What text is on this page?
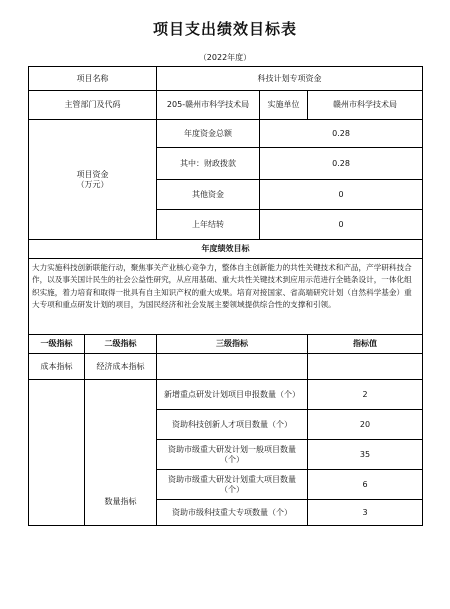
项目支出绩效目标表
（2022年度）
项目名称		科技计划专项资金		
主管部门及代码		205-赣州市科学技术局	实施单位	赣州市科学技术局
项目资金
（万元）		年度资金总额	0.28	
		其中：财政拨款	0.28	
		其他资金	0	
		上年结转	0	
年度绩效目标				
大力实施科技创新联能行动，聚焦事关产业核心竞争力，整体自主创新能力的共性关键技术和产品，产学研科技合作，以及事关国计民生的社会公益性研究，从应用基础、重大共性关键技术到应用示范进行全链条设计，一体化组织实施，着力培育和取得一批具有自主知识产权的重大成果。培育对接国家、省高端研究计划（自然科学基金）重大专项和重点研发计划的项目，为国民经济和社会发展主要领域提供综合性的支撑和引领。				
一级指标	二级指标	三级指标		指标值
成本指标	经济成本指标			
	数量指标	新增重点研发计划项目申报数量（个）		2
		资助科技创新人才项目数量（个）		20
		资助市级重大研发计划一般项目数量（个）		35
		资助市级重大研发计划重大项目数量（个）		6
		资助市级科技重大专项数量（个）		3
